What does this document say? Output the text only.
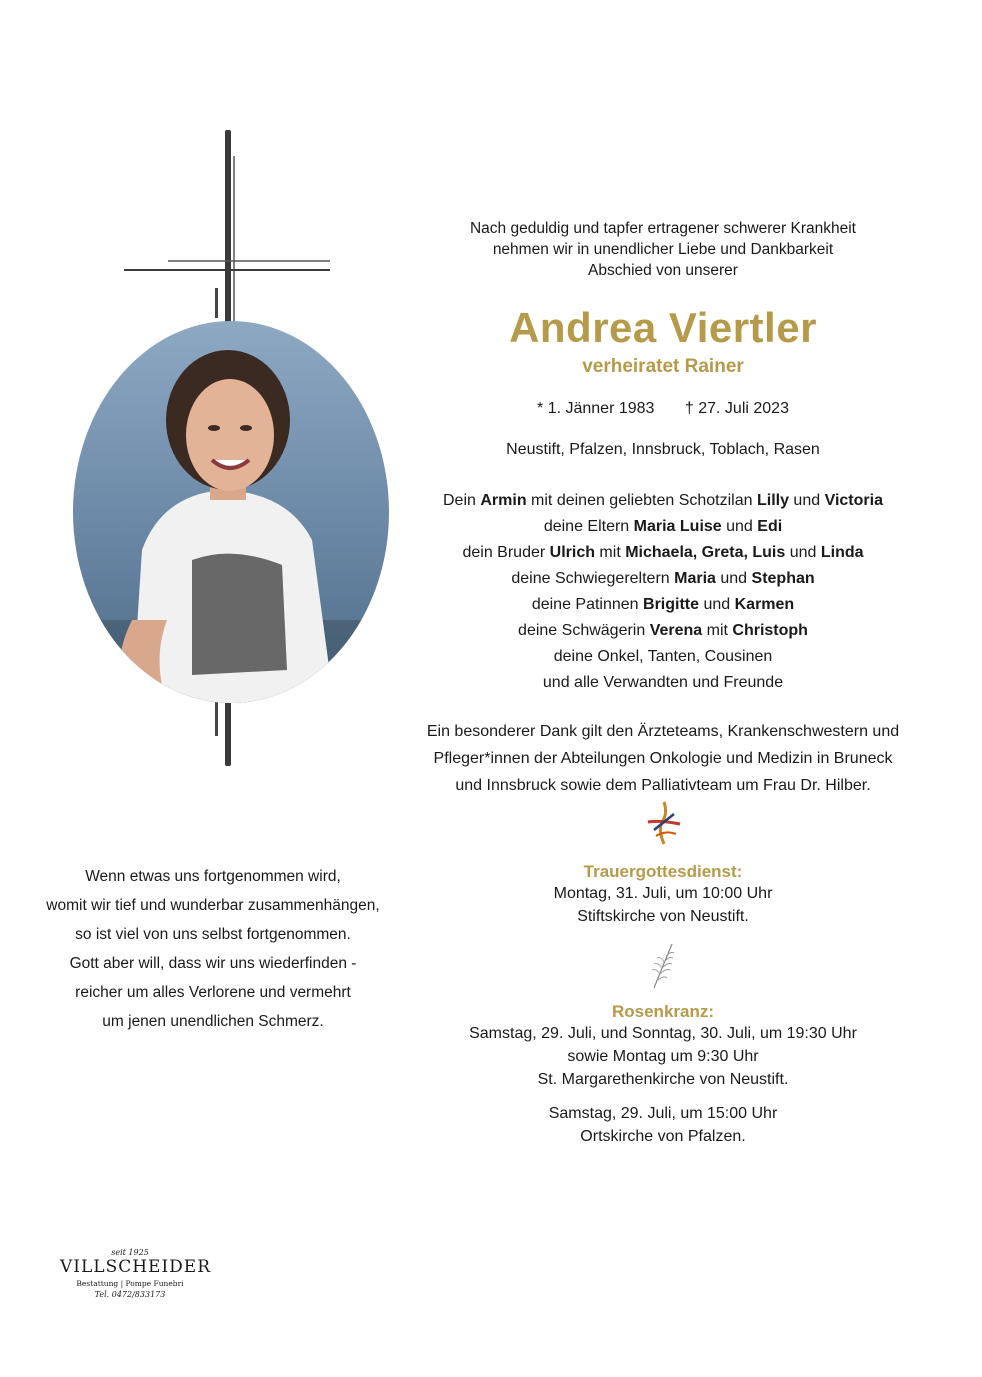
Nach geduldig und tapfer ertragener schwerer Krankheit
nehmen wir in unendlicher Liebe und Dankbarkeit
Abschied von unserer
Andrea Viertler
verheiratet Rainer
* 1. Jänner 1983 † 27. Juli 2023
Neustift, Pfalzen, Innsbruck, Toblach, Rasen
Dein Armin mit deinen geliebten Schotzilan Lilly und Victoria
deine Eltern Maria Luise und Edi
dein Bruder Ulrich mit Michaela, Greta, Luis und Linda
deine Schwiegereltern Maria und Stephan
deine Patinnen Brigitte und Karmen
deine Schwägerin Verena mit Christoph
deine Onkel, Tanten, Cousinen
und alle Verwandten und Freunde
Ein besonderer Dank gilt den Ärzteteams, Krankenschwestern und
Pfleger*innen der Abteilungen Onkologie und Medizin in Bruneck
und Innsbruck sowie dem Palliativteam um Frau Dr. Hilber.
Wenn etwas uns fortgenommen wird,
womit wir tief und wunderbar zusammenhängen,
so ist viel von uns selbst fortgenommen.
Gott aber will, dass wir uns wiederfinden -
reicher um alles Verlorene und vermehrt
um jenen unendlichen Schmerz.
Trauergottesdienst:
Montag, 31. Juli, um 10:00 Uhr
Stiftskirche von Neustift.
Rosenkranz:
Samstag, 29. Juli, und Sonntag, 30. Juli, um 19:30 Uhr
sowie Montag um 9:30 Uhr
St. Margarethenkirche von Neustift.
Samstag, 29. Juli, um 15:00 Uhr
Ortskirche von Pfalzen.
seit 1925
VILLSCHEIDER
Bestattung | Pompe Funebri
Tel. 0472/833173
